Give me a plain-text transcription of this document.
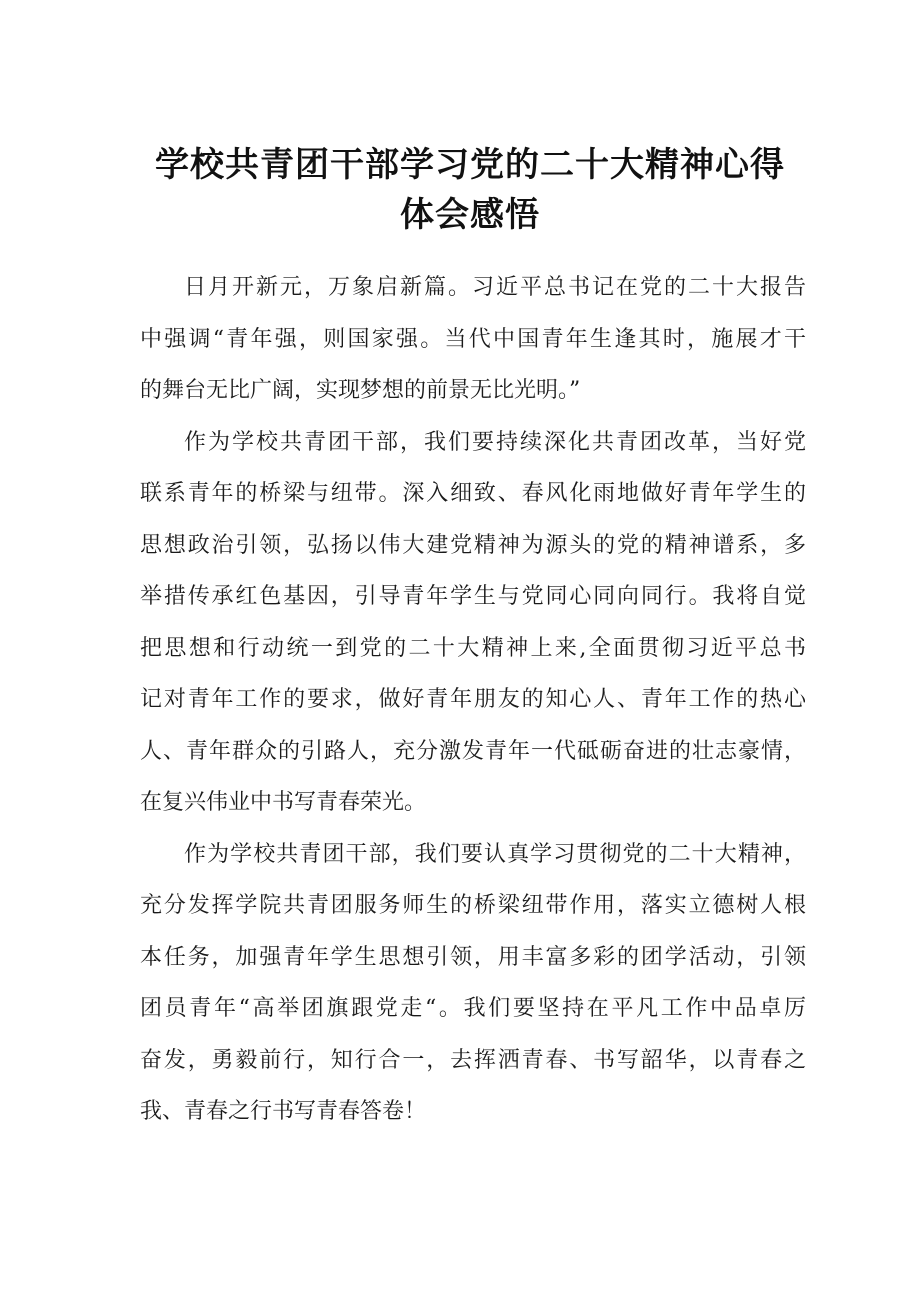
学校共青团干部学习党的二十大精神心得
体会感悟
日月开新元，万象启新篇。习近平总书记在党的二十大报告
中强调“青年强，则国家强。当代中国青年生逢其时，施展才干
的舞台无比广阔，实现梦想的前景无比光明。”
作为学校共青团干部，我们要持续深化共青团改革，当好党
联系青年的桥梁与纽带。深入细致、春风化雨地做好青年学生的
思想政治引领，弘扬以伟大建党精神为源头的党的精神谱系，多
举措传承红色基因，引导青年学生与党同心同向同行。我将自觉
把思想和行动统一到党的二十大精神上来,全面贯彻习近平总书
记对青年工作的要求，做好青年朋友的知心人、青年工作的热心
人、青年群众的引路人，充分激发青年一代砥砺奋进的壮志豪情，
在复兴伟业中书写青春荣光。
作为学校共青团干部，我们要认真学习贯彻党的二十大精神，
充分发挥学院共青团服务师生的桥梁纽带作用，落实立德树人根
本任务，加强青年学生思想引领，用丰富多彩的团学活动，引领
团员青年“高举团旗跟党走“。我们要坚持在平凡工作中品卓厉
奋发，勇毅前行，知行合一，去挥洒青春、书写韶华，以青春之
我、青春之行书写青春答卷！
